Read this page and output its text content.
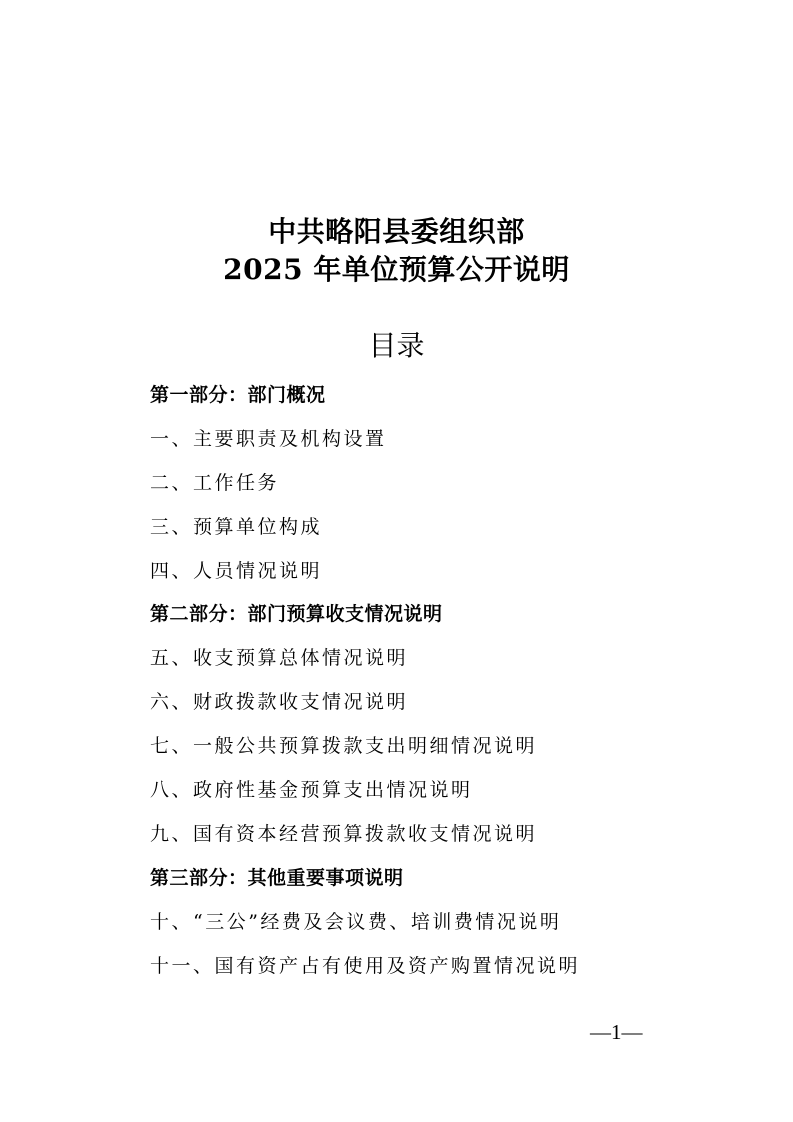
中共略阳县委组织部
2025 年单位预算公开说明
目录
第一部分：部门概况
一、主要职责及机构设置
二、工作任务
三、预算单位构成
四、人员情况说明
第二部分：部门预算收支情况说明
五、收支预算总体情况说明
六、财政拨款收支情况说明
七、一般公共预算拨款支出明细情况说明
八、政府性基金预算支出情况说明
九、国有资本经营预算拨款收支情况说明
第三部分：其他重要事项说明
十、“三公”经费及会议费、培训费情况说明
十一、国有资产占有使用及资产购置情况说明
—1—
